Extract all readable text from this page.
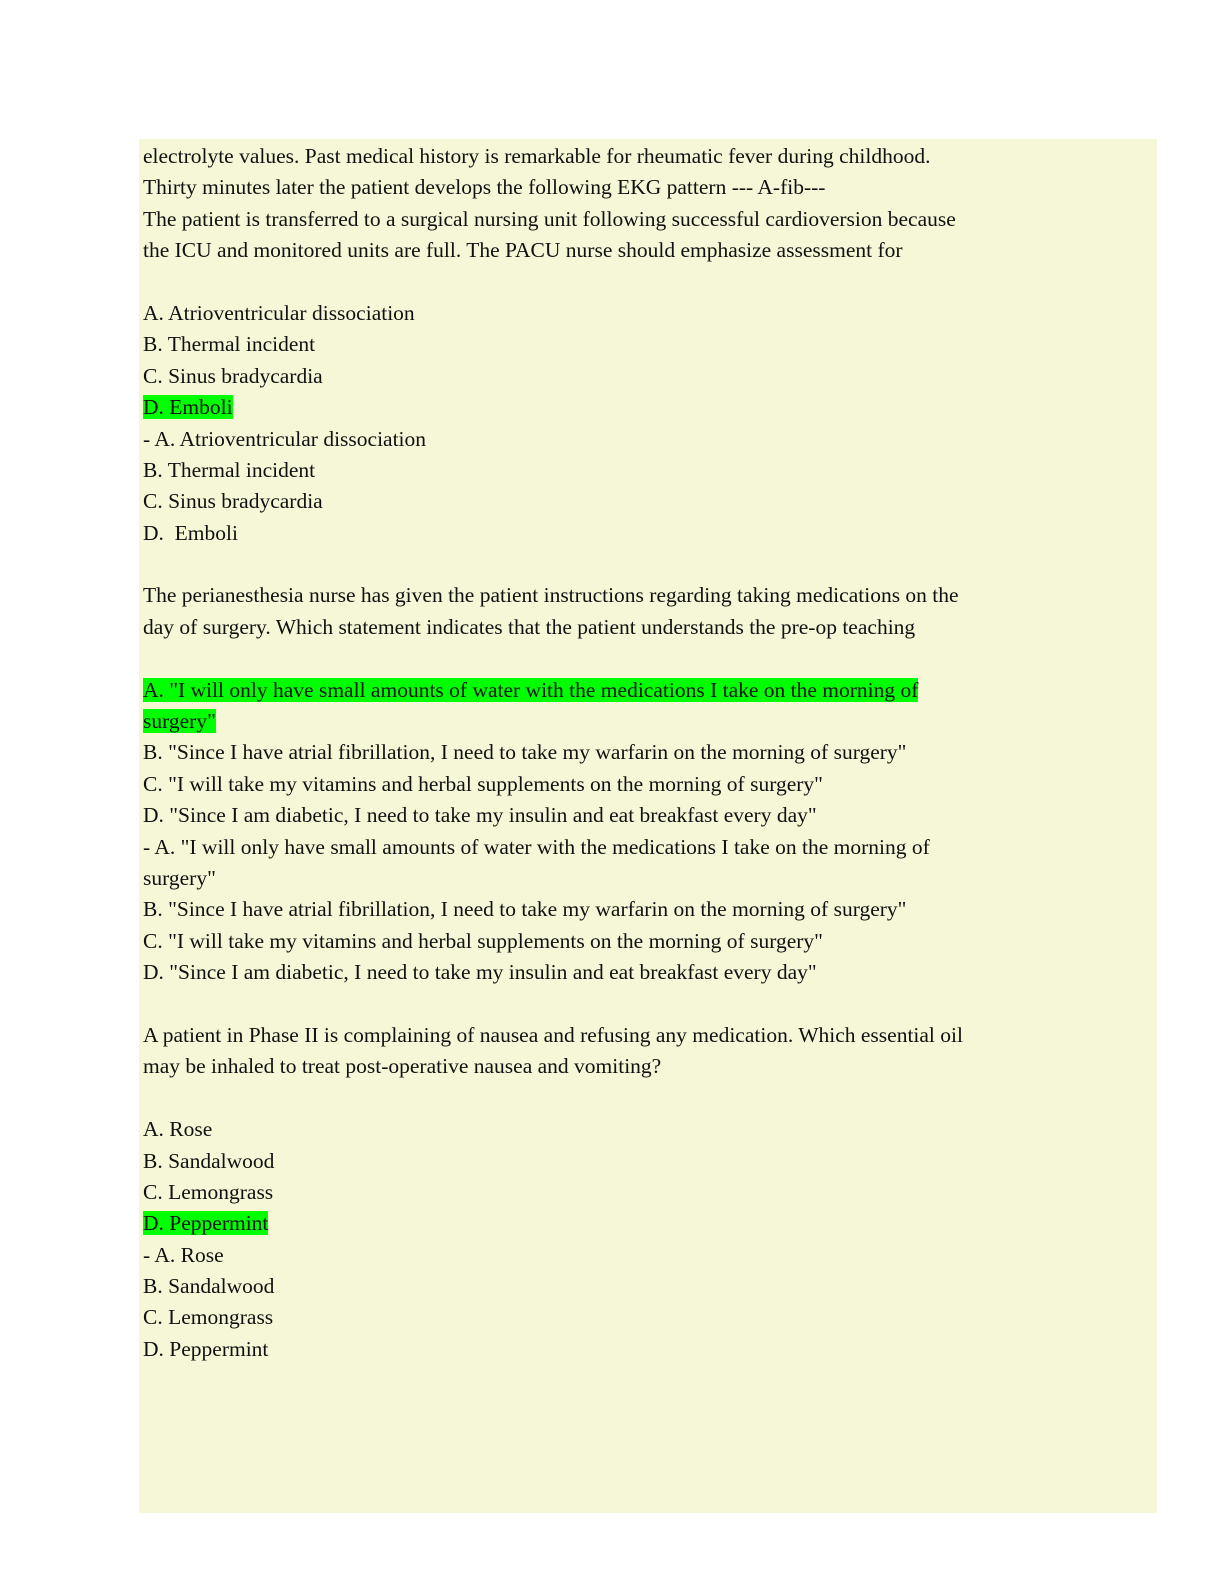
electrolyte values. Past medical history is remarkable for rheumatic fever during childhood.
Thirty minutes later the patient develops the following EKG pattern --- A-fib---
The patient is transferred to a surgical nursing unit following successful cardioversion because
the ICU and monitored units are full. The PACU nurse should emphasize assessment for
A. Atrioventricular dissociation
B. Thermal incident
C. Sinus bradycardia
D. Emboli
- A. Atrioventricular dissociation
B. Thermal incident
C. Sinus bradycardia
D.  Emboli
The perianesthesia nurse has given the patient instructions regarding taking medications on the
day of surgery. Which statement indicates that the patient understands the pre-op teaching
A. "I will only have small amounts of water with the medications I take on the morning of
surgery"
B. "Since I have atrial fibrillation, I need to take my warfarin on the morning of surgery"
C. "I will take my vitamins and herbal supplements on the morning of surgery"
D. "Since I am diabetic, I need to take my insulin and eat breakfast every day"
- A. "I will only have small amounts of water with the medications I take on the morning of
surgery"
B. "Since I have atrial fibrillation, I need to take my warfarin on the morning of surgery"
C. "I will take my vitamins and herbal supplements on the morning of surgery"
D. "Since I am diabetic, I need to take my insulin and eat breakfast every day"
A patient in Phase II is complaining of nausea and refusing any medication. Which essential oil
may be inhaled to treat post-operative nausea and vomiting?
A. Rose
B. Sandalwood
C. Lemongrass
D. Peppermint
- A. Rose
B. Sandalwood
C. Lemongrass
D. Peppermint
